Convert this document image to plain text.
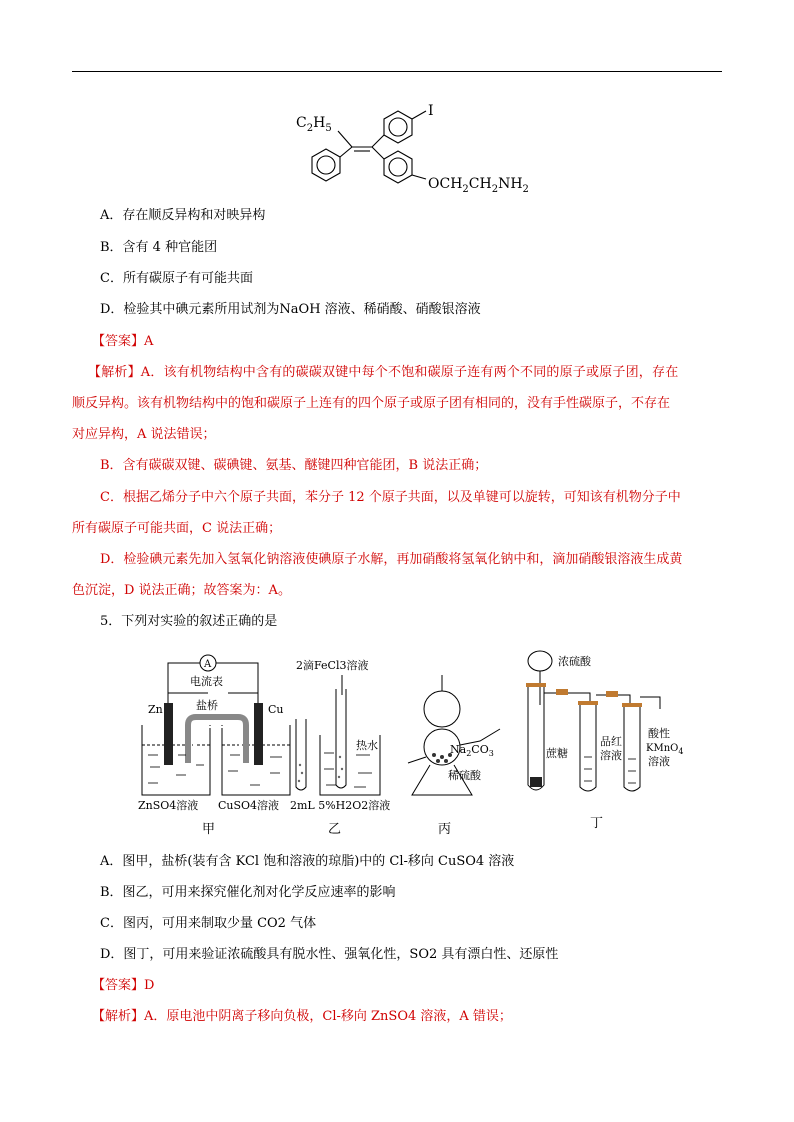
$C_2H_5$
I
$OCH_2CH_2NH_2$
A．存在顺反异构和对映异构
B．含有 4 种官能团
C．所有碳原子有可能共面
D．检验其中碘元素所用试剂为NaOH 溶液、稀硝酸、硝酸银溶液
【答案】A
【解析】A．该有机物结构中含有的碳碳双键中每个不饱和碳原子连有两个不同的原子或原子团，存在
顺反异构。该有机物结构中的饱和碳原子上连有的四个原子或原子团有相同的，没有手性碳原子，不存在
对应异构，A 说法错误；
B．含有碳碳双键、碳碘键、氨基、醚键四种官能团，B 说法正确；
C．根据乙烯分子中六个原子共面，苯分子 12 个原子共面，以及单键可以旋转，可知该有机物分子中
所有碳原子可能共面，C 说法正确；
D．检验碘元素先加入氢氧化钠溶液使碘原子水解，再加硝酸将氢氧化钠中和，滴加硝酸银溶液生成黄
色沉淀，D 说法正确；故答案为：A。
5．下列对实验的叙述正确的是
A
Zn	Cu
电流表
盐桥
ZnSO4溶液 CuSO4溶液
2滴FeCl3溶液
热水
2mL 5%H2O2溶液
$Na_2CO_3$
稀硫酸
浓硫酸
蔗糖
品红
溶液
酸性
KMnO$_4$
溶液
甲	乙	丙	丁
A．图甲，盐桥(装有含 KCl 饱和溶液的琼脂)中的 Cl-移向 CuSO4 溶液
B．图乙，可用来探究催化剂对化学反应速率的影响
C．图丙，可用来制取少量 CO2 气体
D．图丁，可用来验证浓硫酸具有脱水性、强氧化性，SO2 具有漂白性、还原性
【答案】D
【解析】A．原电池中阴离子移向负极，Cl-移向 ZnSO4 溶液，A 错误；
